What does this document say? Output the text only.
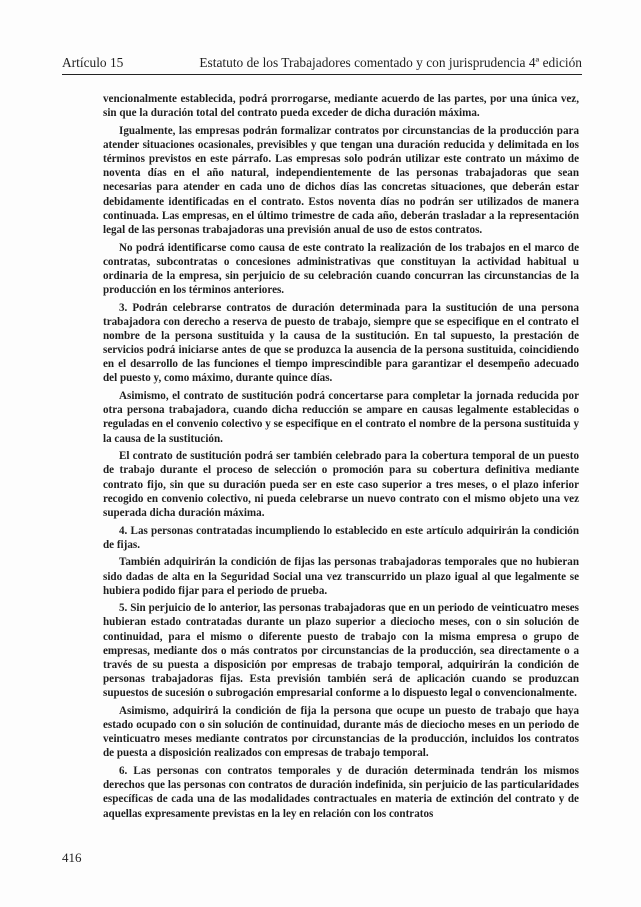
Artículo 15	Estatuto de los Trabajadores comentado y con jurisprudencia 4ª edición

vencionalmente establecida, podrá prorrogarse, mediante acuerdo de las partes, por una única vez, sin que la duración total del contrato pueda exceder de dicha duración máxima.

Igualmente, las empresas podrán formalizar contratos por circunstancias de la producción para atender situaciones ocasionales, previsibles y que tengan una duración reducida y delimitada en los términos previstos en este párrafo. Las empresas solo podrán utilizar este contrato un máximo de noventa días en el año natural, independientemente de las personas trabajadoras que sean necesarias para atender en cada uno de dichos días las concretas situaciones, que deberán estar debidamente identificadas en el contrato. Estos noventa días no podrán ser utilizados de manera continuada. Las empresas, en el último trimestre de cada año, deberán trasladar a la representación legal de las personas trabajadoras una previsión anual de uso de estos contratos.

No podrá identificarse como causa de este contrato la realización de los trabajos en el marco de contratas, subcontratas o concesiones administrativas que constituyan la actividad habitual u ordinaria de la empresa, sin perjuicio de su celebración cuando concurran las circunstancias de la producción en los términos anteriores.

3. Podrán celebrarse contratos de duración determinada para la sustitución de una persona trabajadora con derecho a reserva de puesto de trabajo, siempre que se especifique en el contrato el nombre de la persona sustituida y la causa de la sustitución. En tal supuesto, la prestación de servicios podrá iniciarse antes de que se produzca la ausencia de la persona sustituida, coincidiendo en el desarrollo de las funciones el tiempo imprescindible para garantizar el desempeño adecuado del puesto y, como máximo, durante quince días.

Asimismo, el contrato de sustitución podrá concertarse para completar la jornada reducida por otra persona trabajadora, cuando dicha reducción se ampare en causas legalmente establecidas o reguladas en el convenio colectivo y se especifique en el contrato el nombre de la persona sustituida y la causa de la sustitución.

El contrato de sustitución podrá ser también celebrado para la cobertura temporal de un puesto de trabajo durante el proceso de selección o promoción para su cobertura definitiva mediante contrato fijo, sin que su duración pueda ser en este caso superior a tres meses, o el plazo inferior recogido en convenio colectivo, ni pueda celebrarse un nuevo contrato con el mismo objeto una vez superada dicha duración máxima.

4. Las personas contratadas incumpliendo lo establecido en este artículo adquirirán la condición de fijas.

También adquirirán la condición de fijas las personas trabajadoras temporales que no hubieran sido dadas de alta en la Seguridad Social una vez transcurrido un plazo igual al que legalmente se hubiera podido fijar para el periodo de prueba.

5. Sin perjuicio de lo anterior, las personas trabajadoras que en un periodo de veinticuatro meses hubieran estado contratadas durante un plazo superior a dieciocho meses, con o sin solución de continuidad, para el mismo o diferente puesto de trabajo con la misma empresa o grupo de empresas, mediante dos o más contratos por circunstancias de la producción, sea directamente o a través de su puesta a disposición por empresas de trabajo temporal, adquirirán la condición de personas trabajadoras fijas. Esta previsión también será de aplicación cuando se produzcan supuestos de sucesión o subrogación empresarial conforme a lo dispuesto legal o convencionalmente.

Asimismo, adquirirá la condición de fija la persona que ocupe un puesto de trabajo que haya estado ocupado con o sin solución de continuidad, durante más de dieciocho meses en un periodo de veinticuatro meses mediante contratos por circunstancias de la producción, incluidos los contratos de puesta a disposición realizados con empresas de trabajo temporal.

6. Las personas con contratos temporales y de duración determinada tendrán los mismos derechos que las personas con contratos de duración indefinida, sin perjuicio de las particularidades específicas de cada una de las modalidades contractuales en materia de extinción del contrato y de aquellas expresamente previstas en la ley en relación con los contratos

416
